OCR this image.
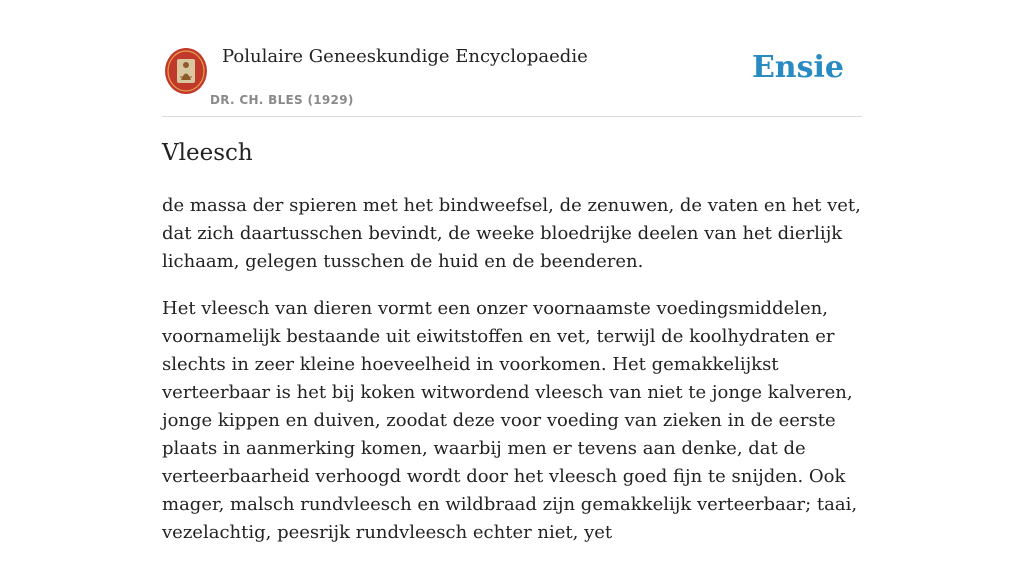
Polulaire Geneeskundige Encyclopaedie
DR. CH. BLES (1929)
Ensie
Vleesch

de massa der spieren met het bindweefsel, de zenuwen, de vaten en het vet, dat zich daartusschen bevindt, de weeke bloedrijke deelen van het dierlijk lichaam, gelegen tusschen de huid en de beenderen.

Het vleesch van dieren vormt een onzer voornaamste voedingsmiddelen, voornamelijk bestaande uit eiwitstoffen en vet, terwijl de koolhydraten er slechts in zeer kleine hoeveelheid in voorkomen. Het gemakkelijkst verteerbaar is het bij koken witwordend vleesch van niet te jonge kalveren, jonge kippen en duiven, zoodat deze voor voeding van zieken in de eerste plaats in aanmerking komen, waarbij men er tevens aan denke, dat de verteerbaarheid verhoogd wordt door het vleesch goed fijn te snijden. Ook mager, malsch rundvleesch en wildbraad zijn gemakkelijk verteerbaar; taai, vezelachtig, peesrijk rundvleesch echter niet, yet
